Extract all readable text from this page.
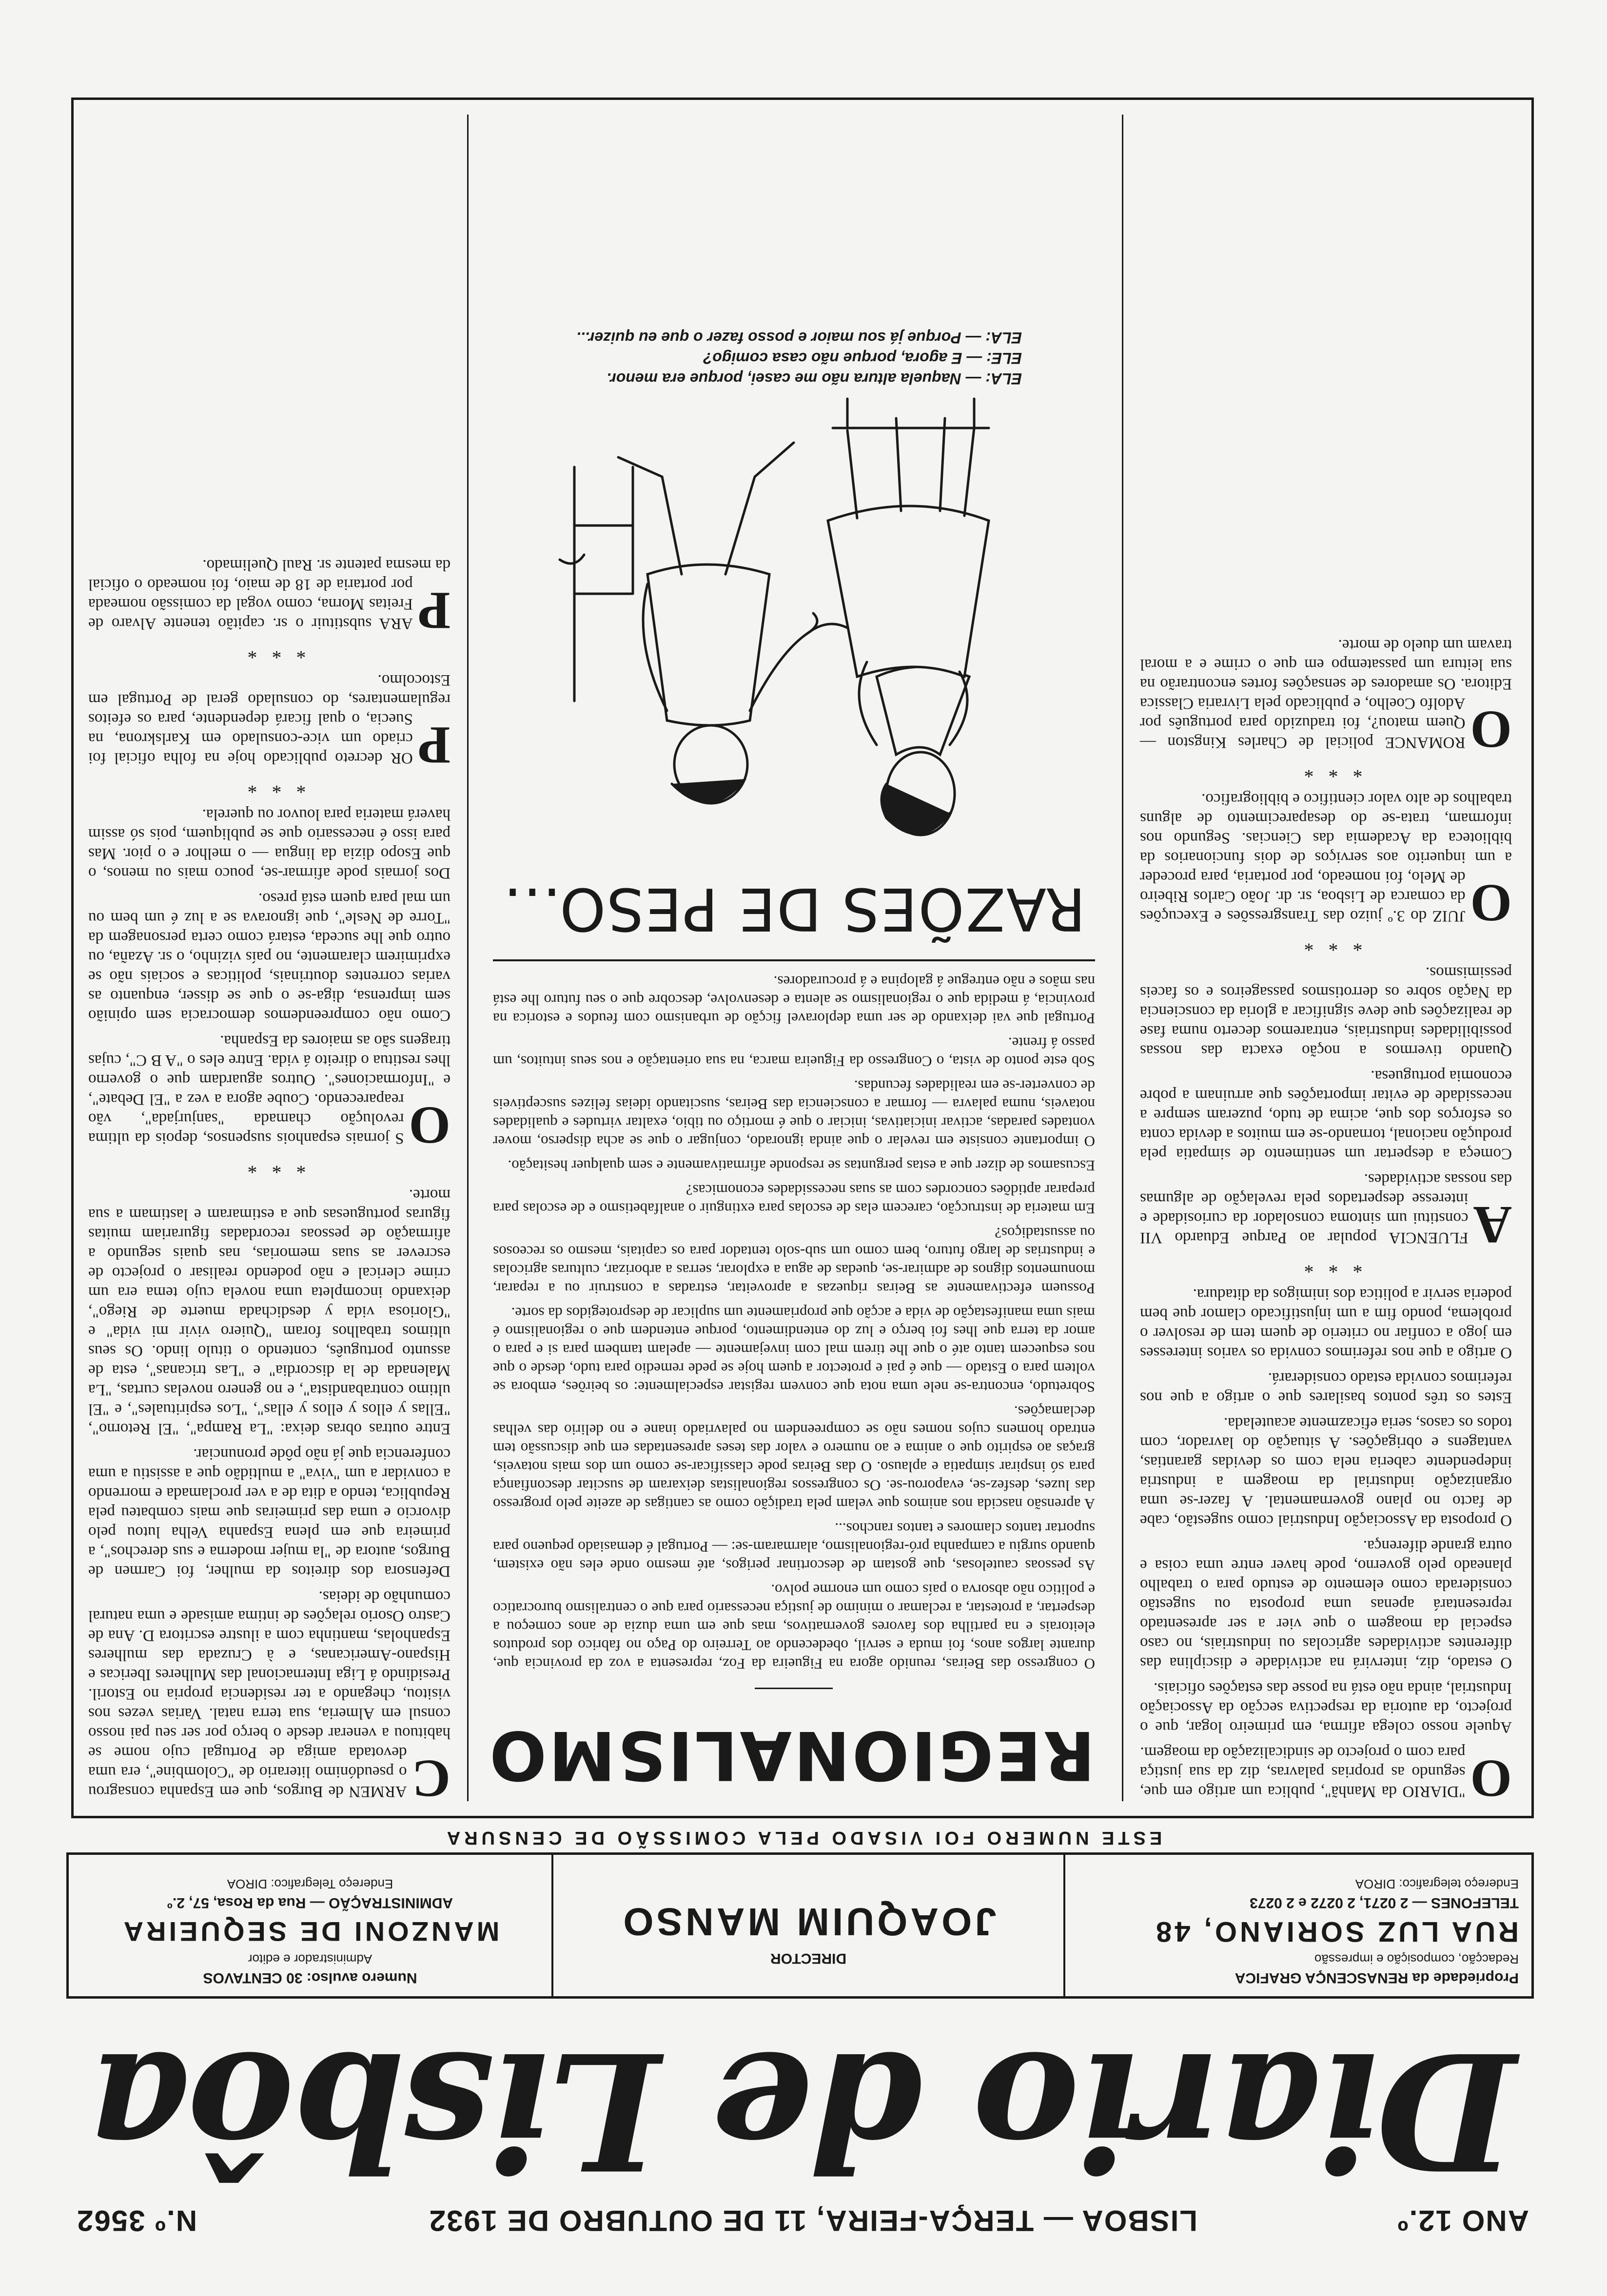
ANO 12.º
LISBOA — TERÇA-FEIRA, 11 DE OUTUBRO DE 1932
N.º 3562
Diario de Lisbôa
Propriedade da RENASCENÇA GRAFICA
Redacção, composição e impressão
RUA LUZ SORIANO, 48
TELEFONES — 2 0271, 2 0272 e 2 0273
Endereço telegrafico: DIROA
DIRECTOR
JOAQUIM MANSO
Numero avulso: 30 CENTAVOS
Administrador e editor
MANZONI DE SEQUEIRA
ADMINISTRAÇÃO — Rua da Rosa, 57, 2.º
Endereço Telegrafico: DIROA
ESTE NUMERO FOI VISADO PELA COMISSÃO DE CENSURA

O"DIARIO da Manhã", publica um artigo em que, segundo as proprias palavras, diz da sua justiça para com o projecto de sindicalização da moagem.

Aquele nosso colega afirma, em primeiro logar, que o projecto, da autoria da respectiva secção da Associação Industrial, ainda não está na posse das estações oficiais.

O estado, diz, intervirá na actividade e disciplina das diferentes actividades agricolas ou industriais, no caso especial da moagem o que vier a ser apresentado representará apenas uma proposta ou sugestão considerada como elemento de estudo para o trabalho planeado pelo governo, pode haver entre uma coisa e outra grande diferença.

O proposta da Associação Industrial como sugestão, cabe de facto no plano governamental. A fazer-se uma organização industrial da moagem a industria independente caberia nela com os devidas garantias, vantagens e obrigações. A situação do lavrador, com todos os casos, seria eficazmente acautelada.

Estes os três pontos basilares que o artigo a que nos referimos convida estado considerará.

O artigo a que nos referimos convida os varios interesses em jogo a confiar no criterio de quem tem de resolver o problema, pondo fim a um injustificado clamor que bem poderia servir a politica dos inimigos da ditadura.

***

AFLUENCIA popular ao Parque Eduardo VII constitui um sintoma consolador da curiosidade e interesse despertados pela revelação de algumas das nossas actividades.

Começa a despertar um sentimento de simpatia pela produção nacional, tornando-se em muitos a devida conta os esforços dos que, acima de tudo, puzeram sempre a necessidade de evitar importações que arruinam a pobre economia portuguesa.

Quando tivermos a noção exacta das nossas possibilidades industriais, entraremos decerto numa fase de realizações que deve significar a gloria da consciencia da Nação sobre os derrotismos passageiros e os faceis pessimismos.

***

OJUIZ do 3.º juizo das Transgressões e Execuções da comarca de Lisboa, sr. dr. João Carlos Ribeiro de Melo, foi nomeado, por portaria, para proceder a um inquerito aos serviços de dois funcionarios da biblioteca da Academia das Ciencias. Segundo nos informam, trata-se do desaparecimento de alguns trabalhos de alto valor cientifico e bibliografico.

***

OROMANCE policial de Charles Kingston — Quem matou?, foi traduzido para português por Adolfo Coelho, e publicado pela Livraria Classica Editora. Os amadores de sensações fortes encontrarão na sua leitura um passatempo em que o crime e a moral travam um duelo de morte.

REGIONALISMO

O congresso das Beiras, reunido agora na Figueira da Foz, representa a voz da provincia que, durante largos anos, foi muda e servil, obedecendo ao Terreiro do Paço no fabrico dos produtos eleitorais e na partilha dos favores governativos, mas que em uma duzia de anos começou a despertar, a protestar, a reclamar o minimo de justiça necessario para que o centralismo burocratico e politico não absorva o país como um enorme polvo.

As pessoas cautelosas, que gostam de descortinar perigos, até mesmo onde eles não existem, quando surgiu a campanha pró-regionalismo, alarmaram-se: — Portugal é demasiado pequeno para suportar tantos clamores e tantos ranchos...

A aprensão nascida nos animos que velam pela tradição como as cantigas de azeite pelo progresso das luzes, desfez-se, evaporou-se. Os congressos regionalistas deixaram de suscitar desconfiança para só inspirar simpatia e aplauso. O das Beiras pode classificar-se como um dos mais notaveis, graças ao espirito que o anima e ao numero e valor das teses apresentadas em que discussão tem entrado homens cujos nomes não se compreendem no palavriado inane e no delirio das velhas declamações.

Sobretudo, encontra-se nele uma nota que convem registar especialmente: os beirões, embora se voltem para o Estado — que é pai e protector a quem hoje se pede remedio para tudo, desde o que nos esquecem tanto até o que lhe tirem mal com invejamente — apelam tambem para si e para o amor da terra que lhes foi berço e luz do entendimento, porque entendem que o regionalismo é mais uma manifestação de vida e acção que propriamente um suplicar de desprotegidos da sorte.

Possuem efectivamente as Beiras riquezas a aproveitar, estradas a construir ou a reparar, monumentos dignos de admirar-se, quedas de agua a explorar, serras a arborizar, culturas agricolas e industrias de largo futuro, bem como um sub-solo tentador para os capitais, mesmo os receosos ou assustadiços?

Em materia de instrucção, carecem elas de escolas para extinguir o analfabetismo e de escolas para preparar aptidões concordes com as suas necessidades economicas?

Escusamos de dizer que a estas perguntas se responde afirmativamente e sem qualquer hesitação.

O importante consiste em revelar o que ainda ignorado, conjugar o que se acha disperso, mover vontades paradas, activar iniciativas, iniciar o que é mortiço ou tibio, exaltar virtudes e qualidades notaveis, numa palavra — formar a consciencia das Beiras, suscitando ideias felizes susceptiveis de converter-se em realidades fecundas.

Sob este ponto de vista, o Congresso da Figueira marca, na sua orientação e nos seus intuitos, um passo á frente.

Portugal que vai deixando de ser uma deploravel ficção de urbanismo com feudos e estorica na provincia, á medida que o regionalismo se alenta e desenvolve, descobre que o seu futuro lhe está nas mãos e não entregue á galopina e á procuradores.

RAZÕES DE PESO...
ELA: — Naquela altura não me casei, porque era menor.
ELE: — E agora, porque não casa comigo?
ELA: — Porque já sou maior e posso fazer o que eu quizer...

CARMEN de Burgos, que em Espanha consagrou o pseudónimo literario de "Colombine", era uma devotada amiga de Portugal cujo nome se habituou a venerar desde o berço por ser seu pai nosso consul em Almeria, sua terra natal. Varias vezes nos visitou, chegando a ter residencia propria no Estoril. Presidindo á Liga Internacional das Mulheres Ibericas e Hispano-Americanas, e à Cruzada das mulheres Espanholas, mantinha com a ilustre escritora D. Ana de Castro Osorio relações de intima amisade e uma natural comunhão de ideias.

Defensora dos direitos da mulher, foi Carmen de Burgos, autora de "la mujer moderna e sus derechos", a primeira que em plena Espanha Velha lutou pelo divorcio e uma das primeiras que mais combateu pela Republica, tendo a dita de a ver proclamada e morrendo a convidar a um "viva" a multidão que a assistiu a uma conferencia que já não pôde pronunciar.

Entre outras obras deixa: "La Rampa", "El Retorno", "Ellas y ellos y ellos y ellas", "Los espirituales", e "El ultimo contrabandista", e no genero novelas curtas, "La Malenada de la discordia" e "Las tricanas", esta de assunto português, contendo o titulo lindo. Os seus ultimos trabalhos foram "Quiero vivir mi vida" e "Gloriosa vida y desdichada muerte de Riego", deixando incompleta uma novela cujo tema era um crime clerical e não podendo realisar o projecto de escrever as suas memorias, nas quais segundo a afirmação de pessoas recordadas figurariam muitas figuras portuguesas que a estimaram e lastimam a sua morte.

***

OS jornais espanhois suspensos, depois da ultima revolução chamada "sanjurjada", vão reaparecendo. Coube agora a vez a "El Debate", e "Informaciones". Outros aguardam que o governo lhes restitua o direito á vida. Entre eles o "A B C", cujas tiragens são as maiores da Espanha.

Como não compreendemos democracia sem opinião sem imprensa, diga-se o que se disser, enquanto as varias correntes doutrinais, politicas e sociais não se exprimirem claramente, no país vizinho, o sr. Azaña, ou outro que lhe suceda, estará como certa personagem da "Torre de Nesle", que ignorava se a luz é um bem ou um mal para quem está preso.

Dos jornais pode afirmar-se, pouco mais ou menos, o que Esopo dizia da lingua — o melhor e o pior. Mas para isso é necessario que se publiquem, pois só assim haverá materia para louvor ou querela.

***

POR decreto publicado hoje na folha oficial foi criado um vice-consulado em Karlskrona, na Suecia, o qual ficará dependente, para os efeitos regulamentares, do consulado geral de Portugal em Estocolmo.

***

PARA substituir o sr. capitão tenente Alvaro de Freitas Morna, como vogal da comissão nomeada por portaria de 18 de maio, foi nomeado o oficial da mesma patente sr. Raul Quelimado.
